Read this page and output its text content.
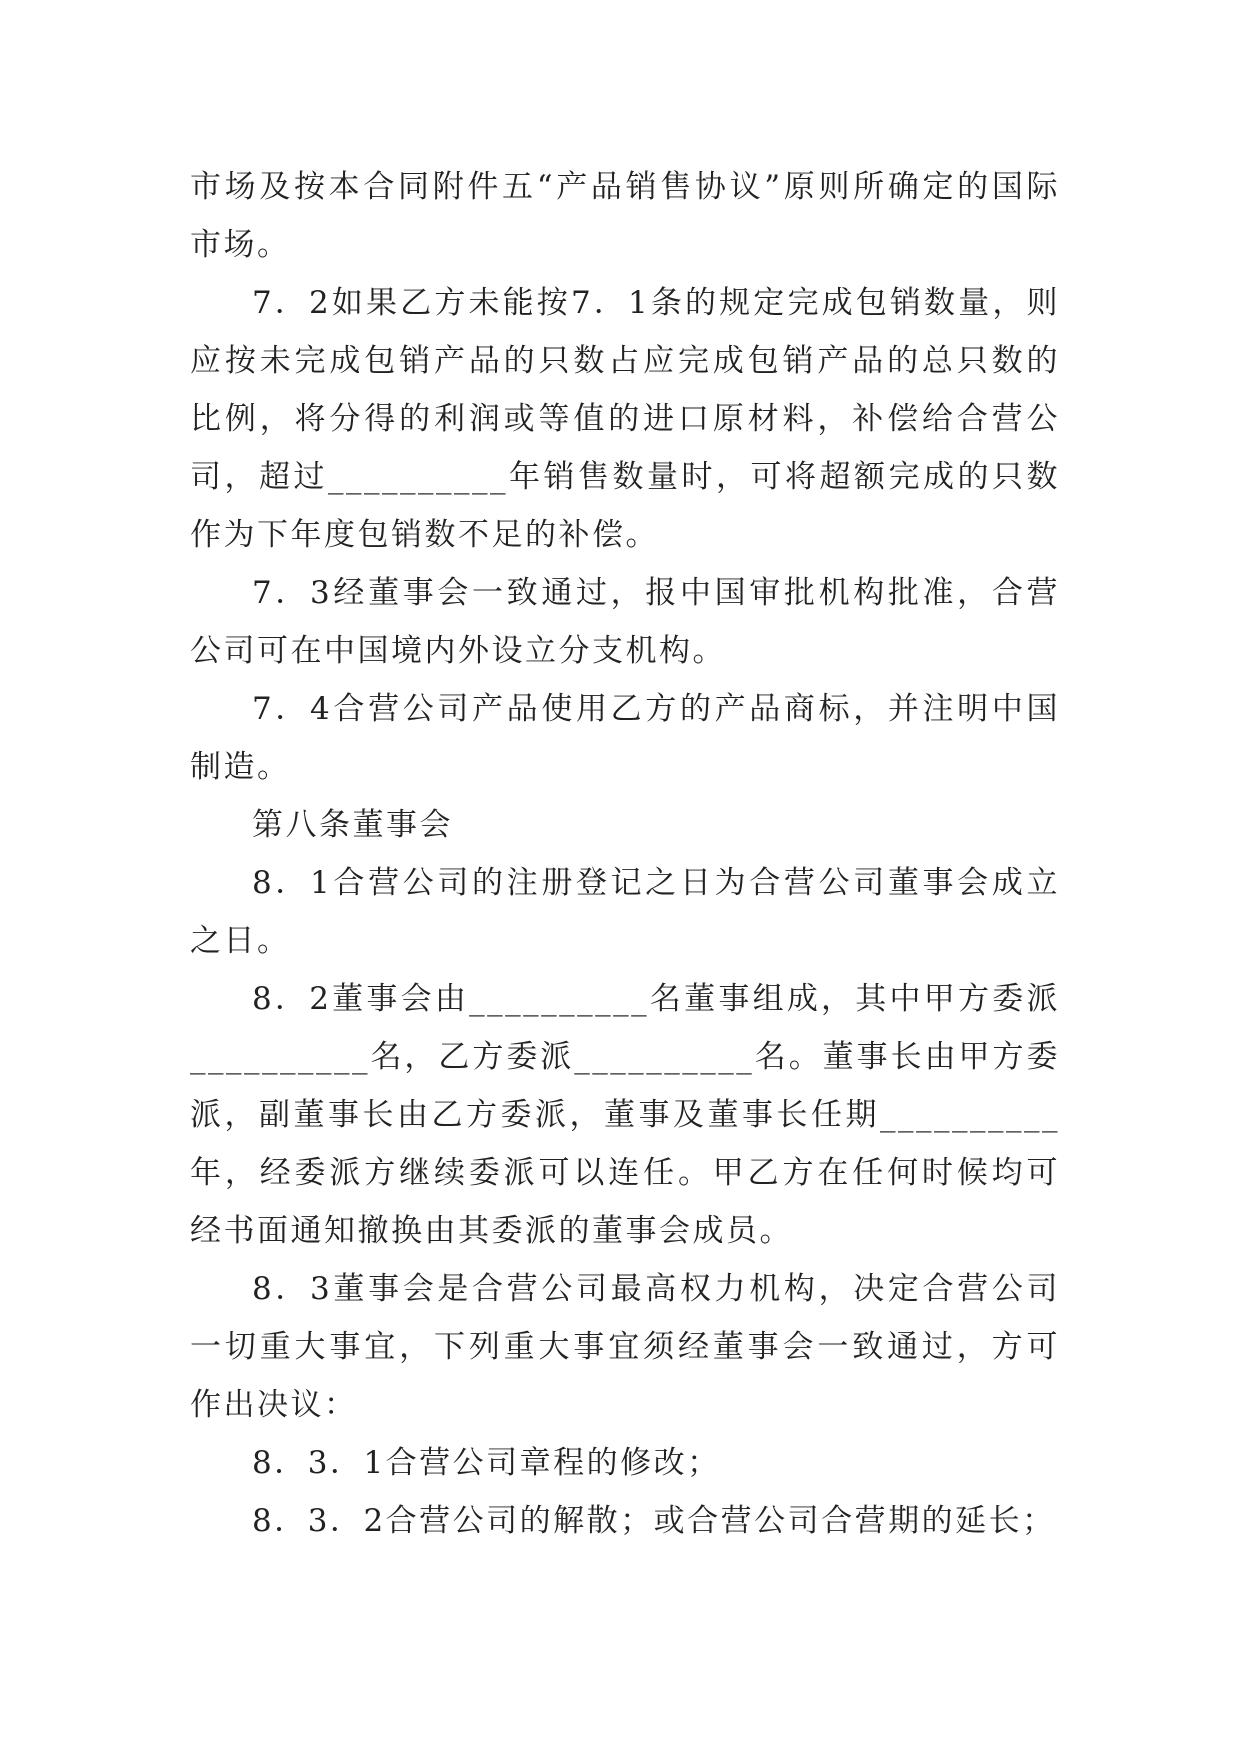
市场及按本合同附件五“产品销售协议”原则所确定的国际市场。

7．2如果乙方未能按7．1条的规定完成包销数量，则应按未完成包销产品的只数占应完成包销产品的总只数的比例，将分得的利润或等值的进口原材料，补偿给合营公司，超过__________年销售数量时，可将超额完成的只数作为下年度包销数不足的补偿。

7．3经董事会一致通过，报中国审批机构批准，合营公司可在中国境内外设立分支机构。

7．4合营公司产品使用乙方的产品商标，并注明中国制造。

第八条董事会

8．1合营公司的注册登记之日为合营公司董事会成立之日。

8．2董事会由__________名董事组成，其中甲方委派__________名，乙方委派__________名。董事长由甲方委派，副董事长由乙方委派，董事及董事长任期__________年，经委派方继续委派可以连任。甲乙方在任何时候均可经书面通知撤换由其委派的董事会成员。

8．3董事会是合营公司最高权力机构，决定合营公司一切重大事宜，下列重大事宜须经董事会一致通过，方可作出决议：

8．3．1合营公司章程的修改；

8．3．2合营公司的解散；或合营公司合营期的延长；
